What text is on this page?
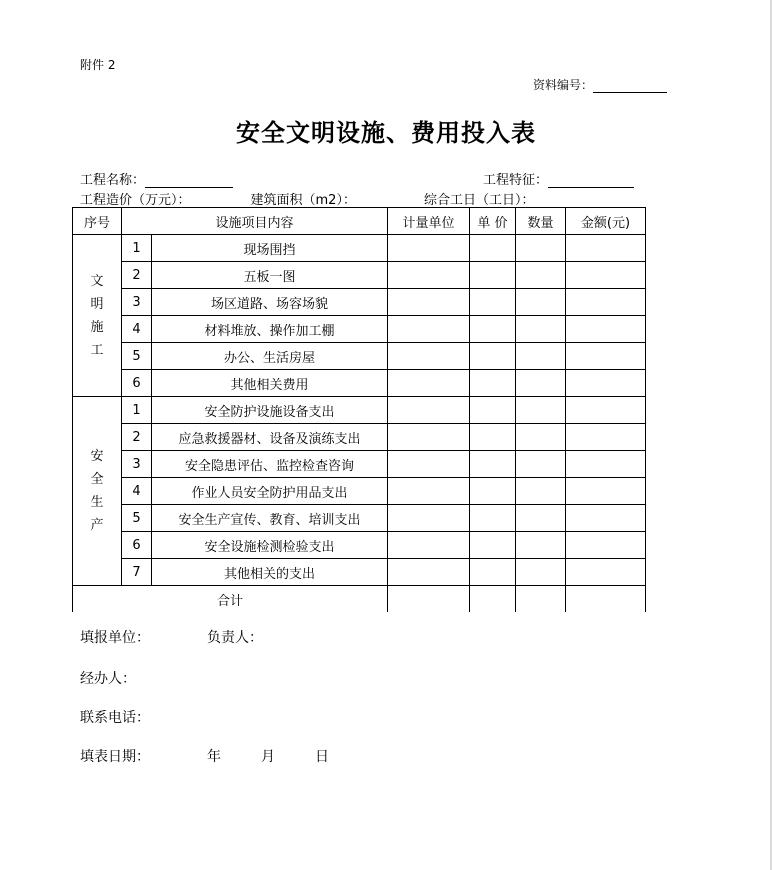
附件 2
资料编号：
安全文明设施、费用投入表
工程名称：	工程特征：
工程造价（万元）：	建筑面积（m2）：	综合工日（工日）：
序号	设施项目内容		计量单位	单 价	数量	金额(元)
文
明
施
工	1	现场围挡				
	2	五板一图				
	3	场区道路、场容场貌				
	4	材料堆放、操作加工棚				
	5	办公、生活房屋				
	6	其他相关费用				
安
全
生
产	1	安全防护设施设备支出				
	2	应急救援器材、设备及演练支出				
	3	安全隐患评估、监控检查咨询				
	4	作业人员安全防护用品支出				
	5	安全生产宣传、教育、培训支出				
	6	安全设施检测检验支出				
	7	其他相关的支出				
合计						
填报单位：	负责人：
经办人：
联系电话：
填表日期：	年	月	日
